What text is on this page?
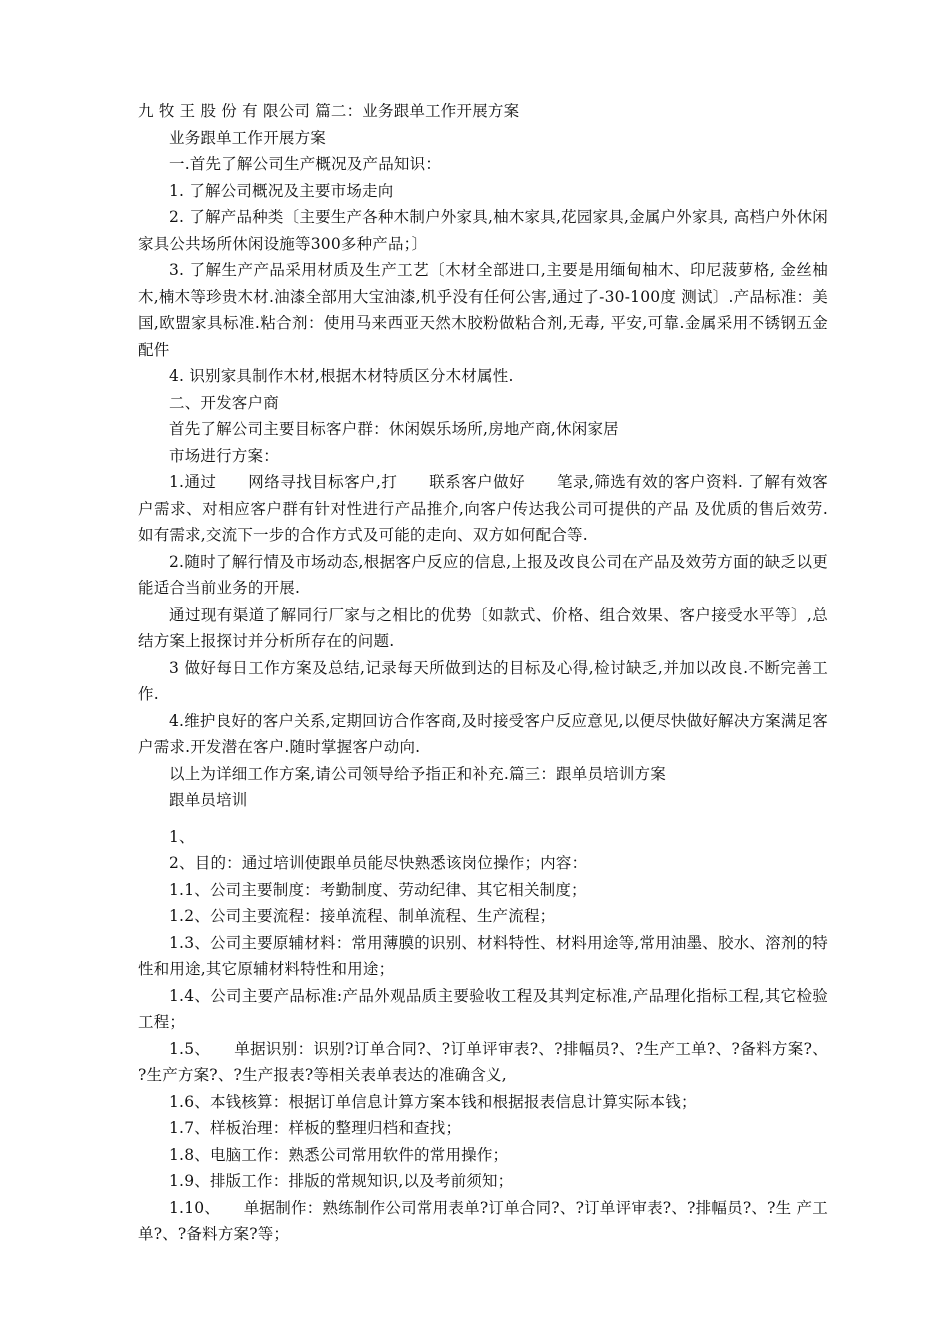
九 牧 王 股 份 有 限公司 篇二：业务跟单工作开展方案

业务跟单工作开展方案

一.首先了解公司生产概况及产品知识：

1. 了解公司概况及主要市场走向

2. 了解产品种类〔主要生产各种木制户外家具,柚木家具,花园家具,金属户外家具, 高档户外休闲家具公共场所休闲设施等300多种产品；〕

3. 了解生产产品采用材质及生产工艺〔木材全部进口,主要是用缅甸柚木、印尼菠萝格, 金丝柚木,楠木等珍贵木材.油漆全部用大宝油漆,机乎没有任何公害,通过了-30-100度 测试〕.产品标准：美国,欧盟家具标准.粘合剂：使用马来西亚天然木胶粉做粘合剂,无毒, 平安,可靠.金属采用不锈钢五金配件

4. 识别家具制作木材,根据木材特质区分木材属性.

二、开发客户商

首先了解公司主要目标客户群：休闲娱乐场所,房地产商,休闲家居

市场进行方案：

1.通过　　网络寻找目标客户,打　　联系客户做好　　笔录,筛选有效的客户资料. 了解有效客户需求、对相应客户群有针对性进行产品推介,向客户传达我公司可提供的产品 及优质的售后效劳.如有需求,交流下一步的合作方式及可能的走向、双方如何配合等.

2.随时了解行情及市场动态,根据客户反应的信息,上报及改良公司在产品及效劳方面的缺乏以更能适合当前业务的开展.

通过现有渠道了解同行厂家与之相比的优势〔如款式、价格、组合效果、客户接受水平等〕,总结方案上报探讨并分析所存在的问题.

3 做好每日工作方案及总结,记录每天所做到达的目标及心得,检讨缺乏,并加以改良.不断完善工作.

4.维护良好的客户关系,定期回访合作客商,及时接受客户反应意见,以便尽快做好解决方案满足客户需求.开发潜在客户.随时掌握客户动向.

以上为详细工作方案,请公司领导给予指正和补充.篇三：跟单员培训方案

跟单员培训

1、

2、目的：通过培训使跟单员能尽快熟悉该岗位操作；内容：

1.1、公司主要制度：考勤制度、劳动纪律、其它相关制度；

1.2、公司主要流程：接单流程、制单流程、生产流程；

1.3、公司主要原辅材料：常用薄膜的识别、材料特性、材料用途等,常用油墨、胶水、溶剂的特性和用途,其它原辅材料特性和用途；

1.4、公司主要产品标准:产品外观品质主要验收工程及其判定标准,产品理化指标工程,其它检验工程；

1.5、　　单据识别：识别?订单合同?、?订单评审表?、?排幅员?、?生产工单?、?备料方案?、 ?生产方案?、?生产报表?等相关表单表达的准确含义,

1.6、本钱核算：根据订单信息计算方案本钱和根据报表信息计算实际本钱；

1.7、样板治理：样板的整理归档和查找；

1.8、电脑工作：熟悉公司常用软件的常用操作；

1.9、排版工作：排版的常规知识,以及考前须知；

1.10、　　单据制作：熟练制作公司常用表单?订单合同?、?订单评审表?、?排幅员?、?生 产工单?、?备料方案?等；
